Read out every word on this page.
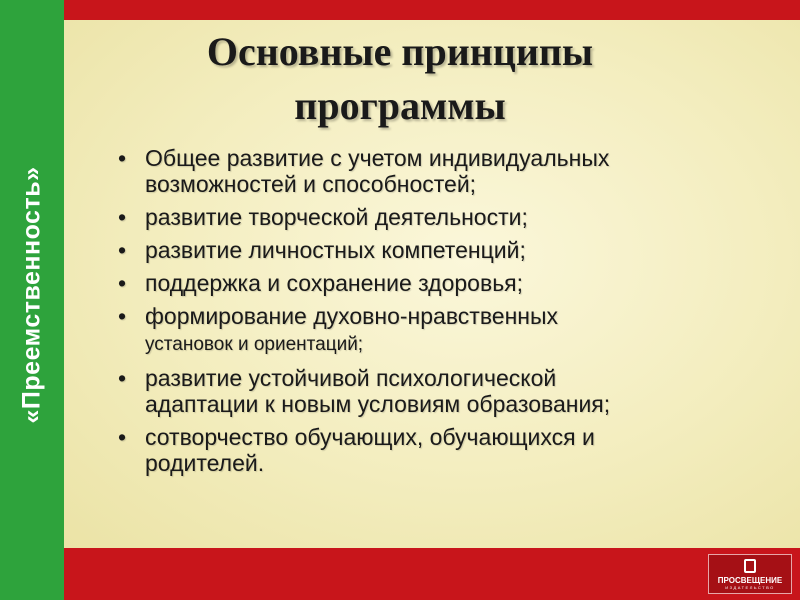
«Преемственность»
Основные принципы
программы
• Общее развитие с учетом индивидуальных
возможностей и способностей;
• развитие творческой деятельности;
• развитие личностных компетенций;
• поддержка и сохранение здоровья;
• формирование духовно-нравственных
установок и ориентаций;
• развитие устойчивой психологической
адаптации к новым условиям образования;
• сотворчество обучающих, обучающихся и
родителей.
ПРОСВЕЩЕНИЕ
ИЗДАТЕЛЬСТВО
